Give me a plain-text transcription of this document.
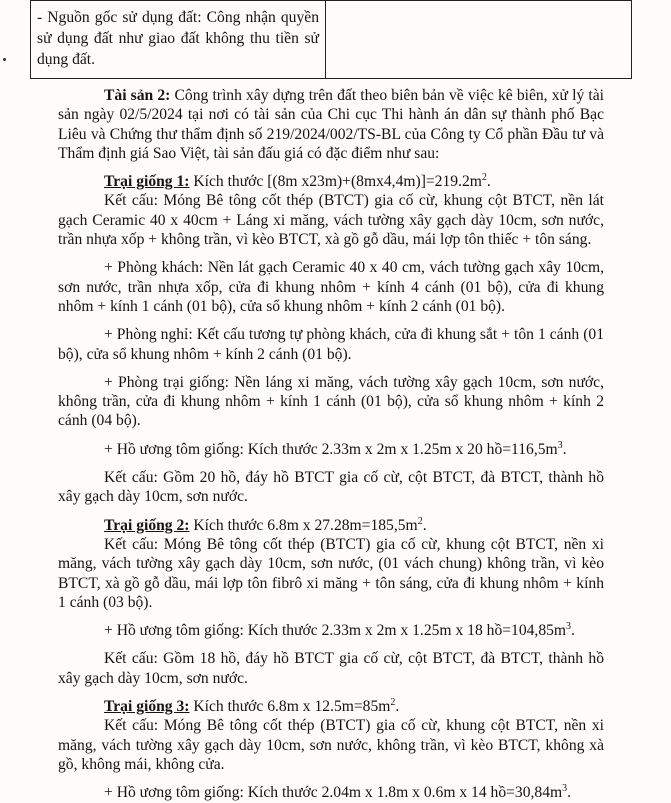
- Nguồn gốc sử dụng đất: Công nhận quyền sử dụng đất như giao đất không thu tiền sử dụng đất.	

Tài sản 2: Công trình xây dựng trên đất theo biên bản về việc kê biên, xử lý tài sản ngày 02/5/2024 tại nơi có tài sản của Chi cục Thi hành án dân sự thành phố Bạc Liêu và Chứng thư thẩm định số 219/2024/002/TS-BL của Công ty Cổ phần Đầu tư và Thẩm định giá Sao Việt, tài sản đấu giá có đặc điểm như sau:

Trại giống 1: Kích thước [(8m $x23m)+(8mx4,4m)]=219.2m^2$.

Kết cấu: Móng Bê tông cốt thép (BTCT) gia cố cừ, khung cột BTCT, nền lát gạch Ceramic 40 x 40cm + Láng xi măng, vách tường xây gạch dày 10cm, sơn nước, trần nhựa xốp + không trần, vì kèo BTCT, xà gồ gỗ dầu, mái lợp tôn thiếc + tôn sáng.

+ Phòng khách: Nền lát gạch Ceramic 40 x 40 cm, vách tường gạch xây 10cm, sơn nước, trần nhựa xốp, cửa đi khung nhôm + kính 4 cánh (01 bộ), cửa đi khung nhôm + kính 1 cánh (01 bộ), cửa sổ khung nhôm + kính 2 cánh (01 bộ).

+ Phòng nghỉ: Kết cấu tương tự phòng khách, cửa đi khung sắt + tôn 1 cánh (01 bộ), cửa sổ khung nhôm + kính 2 cánh (01 bộ).

+ Phòng trại giống: Nền láng xi măng, vách tường xây gạch 10cm, sơn nước, không trần, cửa đi khung nhôm + kính 1 cánh (01 bộ), cửa sổ khung nhôm + kính 2 cánh (04 bộ).

+ Hồ ương tôm giống: Kích thước 2.33m x 2m x 1.25m x 20 $hồ=116,5m^3$.

Kết cấu: Gồm 20 hồ, đáy hồ BTCT gia cố cừ, cột BTCT, đà BTCT, thành hồ xây gạch dày 10cm, sơn nước.

Trại giống 2: Kích thước 6.8m x $27.28m=185,5m^2$.

Kết cấu: Móng Bê tông cốt thép (BTCT) gia cố cừ, khung cột BTCT, nền xi măng, vách tường xây gạch dày 10cm, sơn nước, (01 vách chung) không trần, vì kèo BTCT, xà gồ gỗ dầu, mái lợp tôn fibrô xi măng + tôn sáng, cửa đi khung nhôm + kính 1 cánh (03 bộ).

+ Hồ ương tôm giống: Kích thước 2.33m x 2m x 1.25m x 18 $hồ=104,85m^3$.

Kết cấu: Gồm 18 hồ, đáy hồ BTCT gia cố cừ, cột BTCT, đà BTCT, thành hồ xây gạch dày 10cm, sơn nước.

Trại giống 3: Kích thước 6.8m x $12.5m=85m^2$.

Kết cấu: Móng Bê tông cốt thép (BTCT) gia cố cừ, khung cột BTCT, nền xi măng, vách tường xây gạch dày 10cm, sơn nước, không trần, vì kèo BTCT, không xà gồ, không mái, không cửa.

+ Hồ ương tôm giống: Kích thước 2.04m x 1.8m x 0.6m x 14 $hồ=30,84m^3$.
